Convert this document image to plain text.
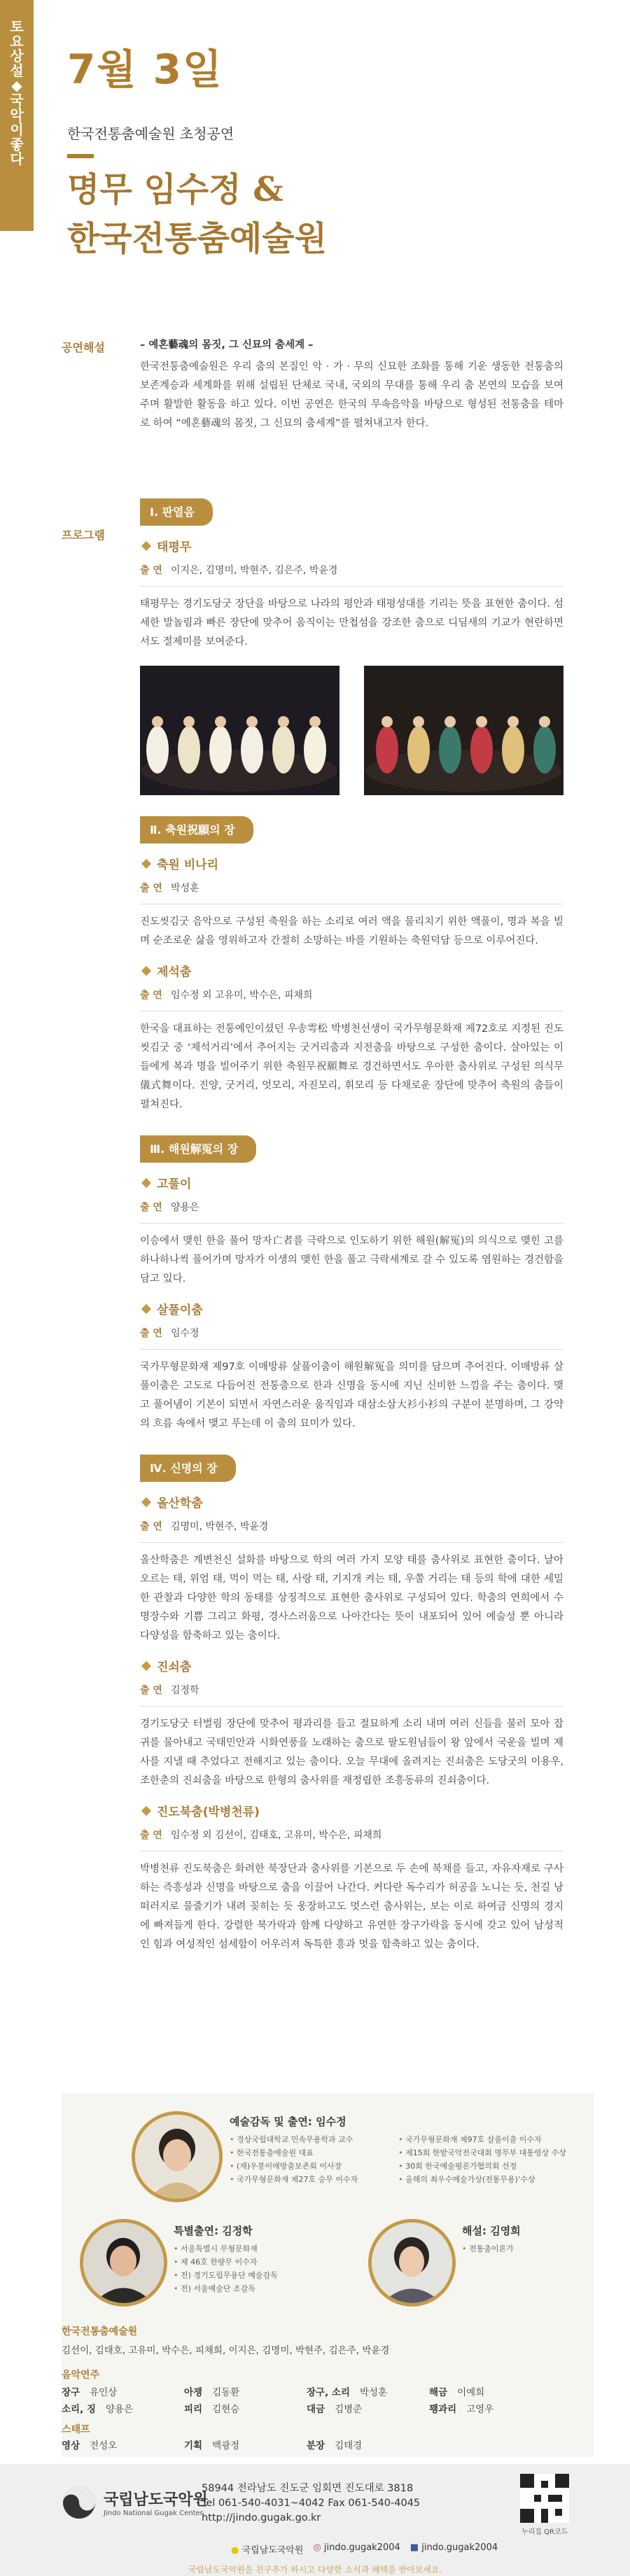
토요상설 ◆ 국악이 좋다
7월 3일
한국전통춤예술원 초청공연
명무 임수정 &
한국전통춤예술원
공연해설	– 예혼藝魂의 몸짓, 그 신묘의 춤세계 –
한국전통춤예술원은 우리 춤의 본질인 악 · 가 · 무의 신묘한 조화를 통해 기운 생동한 전통춤의 보존계승과 세계화를 위해 설립된 단체로 국내, 국외의 무대를 통해 우리 춤 본연의 모습을 보여주며 활발한 활동을 하고 있다. 이번 공연은 한국의 무속음악을 바탕으로 형성된 전통춤을 테마로 하여 “예혼藝魂의 몸짓, 그 신묘의 춤세계”를 펼쳐내고자 한다.
프로그램
Ⅰ. 판열음
태평무
출 연 이지은, 김명미, 박현주, 김은주, 박윤경
태평무는 경기도당굿 장단을 바탕으로 나라의 평안과 태평성대를 기리는 뜻을 표현한 춤이다. 섬세한 발놀림과 빠른 장단에 맞추어 움직이는 만첩섬을 강조한 춤으로 디딤새의 기교가 현란하면서도 절제미를 보여준다.
Ⅱ. 축원祝願의 장
축원 비나리
출 연 박성훈
진도씻김굿 음악으로 구성된 축원을 하는 소리로 여러 액을 물리치기 위한 액풀이, 명과 복을 빌며 순조로운 삶을 영위하고자 간절히 소망하는 바를 기원하는 축원덕담 등으로 이루어진다.
제석춤
출 연 임수정 외 고유미, 박수은, 피채희
한국을 대표하는 전통예인이셨던 우송雩松 박병천선생이 국가무형문화재 제72호로 지정된 진도씻김굿 중 ‘제석거리’에서 추어지는 굿거리춤과 지전춤을 바탕으로 구성한 춤이다. 살아있는 이들에게 복과 명을 빌어주기 위한 축원무祝願舞로 경건하면서도 우아한 춤사위로 구성된 의식무儀式舞이다. 진양, 굿거리, 엇모리, 자진모리, 휘모리 등 다채로운 장단에 맞추어 축원의 춤들이 펼쳐진다.
Ⅲ. 해원解冤의 장
고풀이
출 연 양용은
이승에서 맺힌 한을 풀어 망자亡者를 극락으로 인도하기 위한 해원(解冤)의 의식으로 맺힌 고를 하나하나씩 풀어가며 망자가 이생의 맺힌 한을 풀고 극락세계로 갈 수 있도록 염원하는 경건함을 담고 있다.
살풀이춤
출 연 임수정
국가무형문화재 제97호 이매방류 살풀이춤이 해원解冤을 의미를 담으며 추어진다. 이매방류 살풀이춤은 고도로 다듬어진 전통춤으로 한과 신명을 동시에 지닌 신비한 느낌을 주는 춤이다. 맺고 풀어냄이 기본이 되면서 자연스러운 움직임과 대삼소삼大衫小衫의 구분이 분명하며, 그 강약의 흐름 속에서 맺고 푸는데 이 춤의 묘미가 있다.
Ⅳ. 신명의 장
올산학춤
출 연 김명미, 박현주, 박윤경
올산학춤은 계변천신 설화를 바탕으로 학의 여러 가지 모양 태를 춤사위로 표현한 춤이다. 날아오르는 태, 위엄 태, 먹이 먹는 태, 사랑 태, 기지개 켜는 태, 우쭐 거리는 태 등의 학에 대한 세밀한 관찰과 다양한 학의 동태를 상징적으로 표현한 춤사위로 구성되어 있다. 학춤의 연희에서 수명장수와 기쁨 그리고 화평, 경사스러움으로 나아간다는 뜻이 내포되어 있어 예술성 뿐 아니라 다양성을 함축하고 있는 춤이다.
진쇠춤
출 연 김정학
경기도당굿 터벌림 장단에 맞추어 평과리를 들고 절묘하게 소리 내며 여러 신들을 불러 모아 잡귀를 물아내고 국태민안과 시화연풍을 노래하는 춤으로 팔도원님들이 왕 앞에서 국운을 빌며 제사를 지낼 때 추었다고 전해지고 있는 춤이다. 오늘 무대에 올려지는 진쇠춤은 도당굿의 이용우, 조한춘의 진쇠춤을 바탕으로 한형의 춤사위를 재정립한 조흥동류의 진쇠춤이다.
진도북춤(박병천류)
출 연 임수정 외 김선이, 김태호, 고유미, 박수은, 피채희
박병천류 진도북춤은 화려한 북장단과 춤사위를 기본으로 두 손에 북채를 들고, 자유자재로 구사하는 즉흥성과 신명을 바탕으로 춤을 이끌어 나간다. 커다란 독수리가 허공을 노니는 듯, 천길 낭떠러지로 물줄기가 내려 꽂히는 듯 웅장하고도 멋스런 춤사위는, 보는 이로 하여금 신명의 경지에 빠져들게 한다. 강렬한 북가락과 함께 다양하고 유연한 장구가락을 동시에 갖고 있어 남성적인 힘과 여성적인 섬세함이 어우러져 독특한 흥과 멋을 함축하고 있는 춤이다.
예술감독 및 출연: 임수정
• 경상국립대학교 민속무용학과 교수
• 한국전통춤예술원 대표
• (재)우봉이매방춤보존회 이사장
• 국가무형문화재 제27호 승무 이수자
• 국가무형문화재 제97호 살풀이춤 이수자
• 제15회 한밭국악전국대회 명무부 대통령상 수상
• 30회 한국예술평론가협의회 선정
• 올해의 최우수예술가상(전통무용)’수상
특별출연: 김정학
• 서울특별시 무형문화재
• 제 46호 한량무 이수자
• 전) 경기도립무용단 예술감독
• 전) 서울예술단 조감독
해설: 김영희
• 전통춤이론가
한국전통춤예술원
김선이, 김태호, 고유미, 박수은, 피채희, 이지은, 김명미, 박현주, 김은주, 박윤경
음악연주
장구 유인상	아쟁 김동환	장구, 소리 박성훈	해금 이예희
소리, 징 양용은	피리 김현승	대금 김병준	꽹과리 고영우
스태프
영상 전성오	기획 백광정	분장 김태경
국립남도국악원
Jindo National Gugak Center
58944 전라남도 진도군 임회면 진도대로 3818
Tel 061-540-4031~4042 Fax 061-540-4045
http://jindo.gugak.go.kr
누리집 QR코드
● 국립남도국악원 ◎ jindo.gugak2004 ■ jindo.gugak2004
국립남도국악원을 친구추가 하시고 다양한 소식과 혜택을 받아보세요.
